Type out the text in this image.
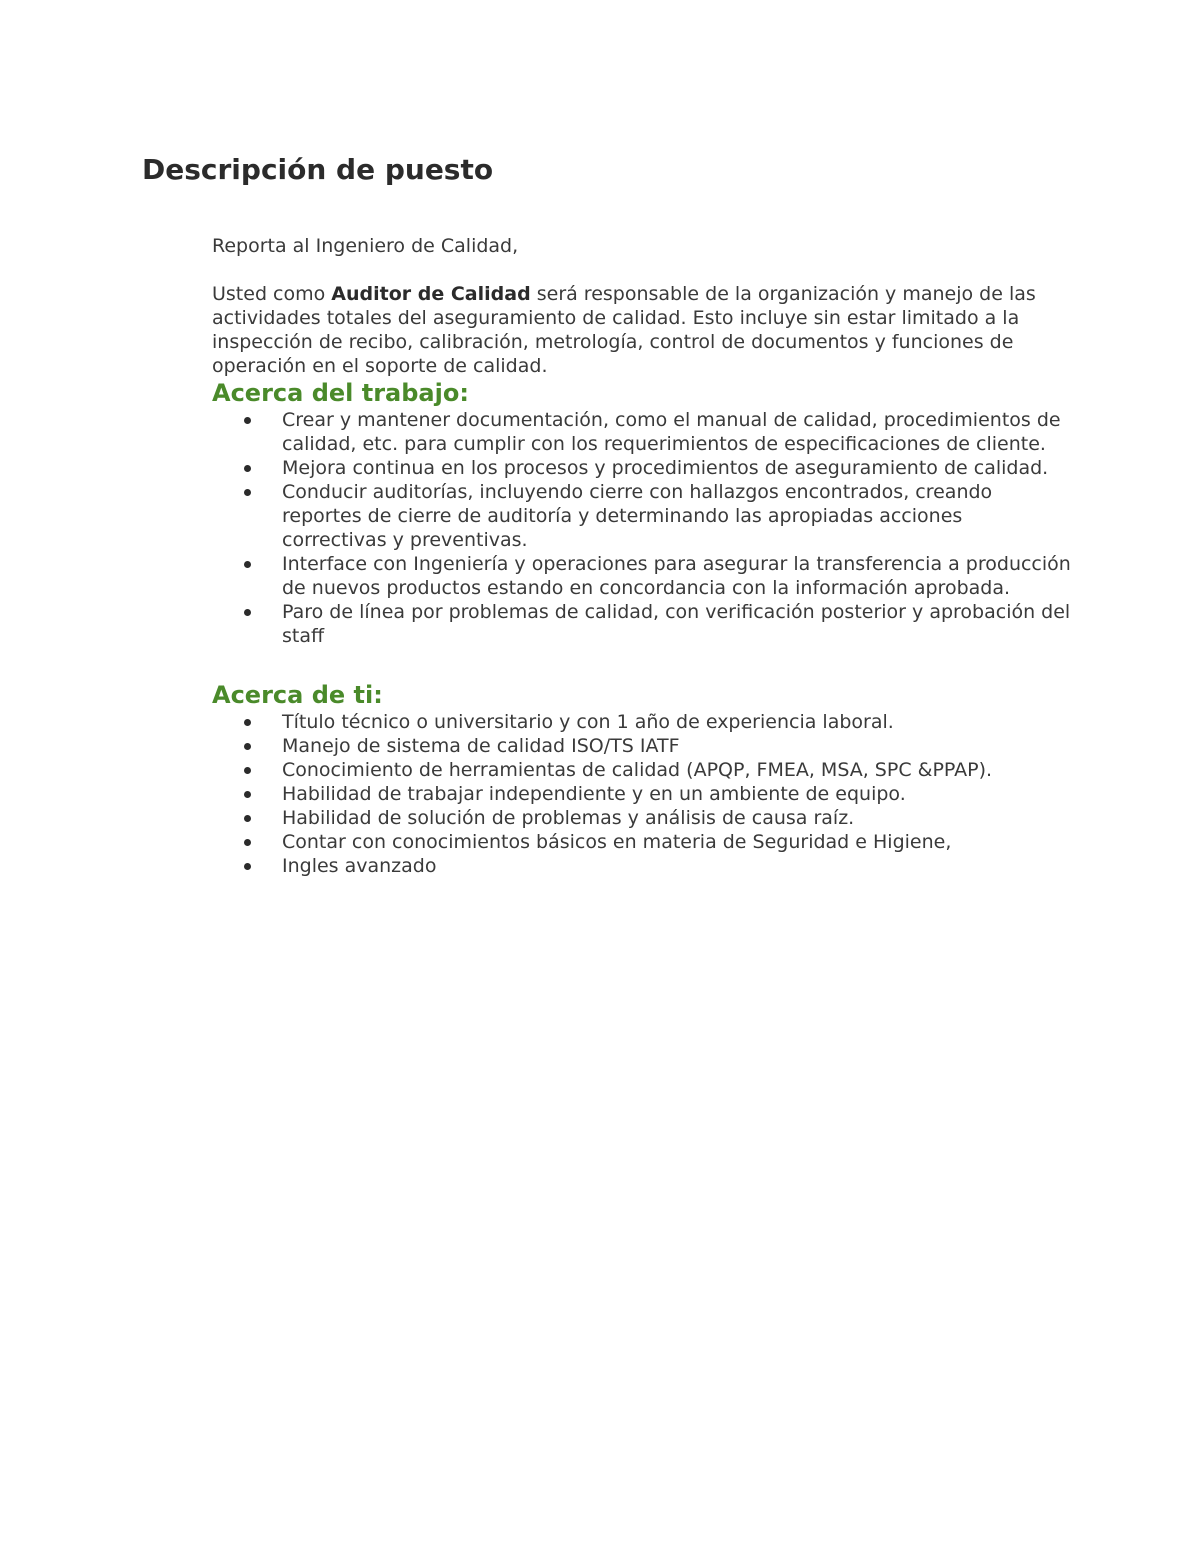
Descripción de puesto

Reporta al Ingeniero de Calidad,

Usted como Auditor de Calidad será responsable de la organización y manejo de las actividades totales del aseguramiento de calidad. Esto incluye sin estar limitado a la inspección de recibo, calibración, metrología, control de documentos y funciones de operación en el soporte de calidad.

Acerca del trabajo:
Crear y mantener documentación, como el manual de calidad, procedimientos de calidad, etc. para cumplir con los requerimientos de especificaciones de cliente.
Mejora continua en los procesos y procedimientos de aseguramiento de calidad.
Conducir auditorías, incluyendo cierre con hallazgos encontrados, creando reportes de cierre de auditoría y determinando las apropiadas acciones correctivas y preventivas.
Interface con Ingeniería y operaciones para asegurar la transferencia a producción de nuevos productos estando en concordancia con la información aprobada.
Paro de línea por problemas de calidad, con verificación posterior y aprobación del staff
Acerca de ti:
Título técnico o universitario y con 1 año de experiencia laboral.
Manejo de sistema de calidad ISO/TS IATF
Conocimiento de herramientas de calidad (APQP, FMEA, MSA, SPC &PPAP).
Habilidad de trabajar independiente y en un ambiente de equipo.
Habilidad de solución de problemas y análisis de causa raíz.
Contar con conocimientos básicos en materia de Seguridad e Higiene,
Ingles avanzado
